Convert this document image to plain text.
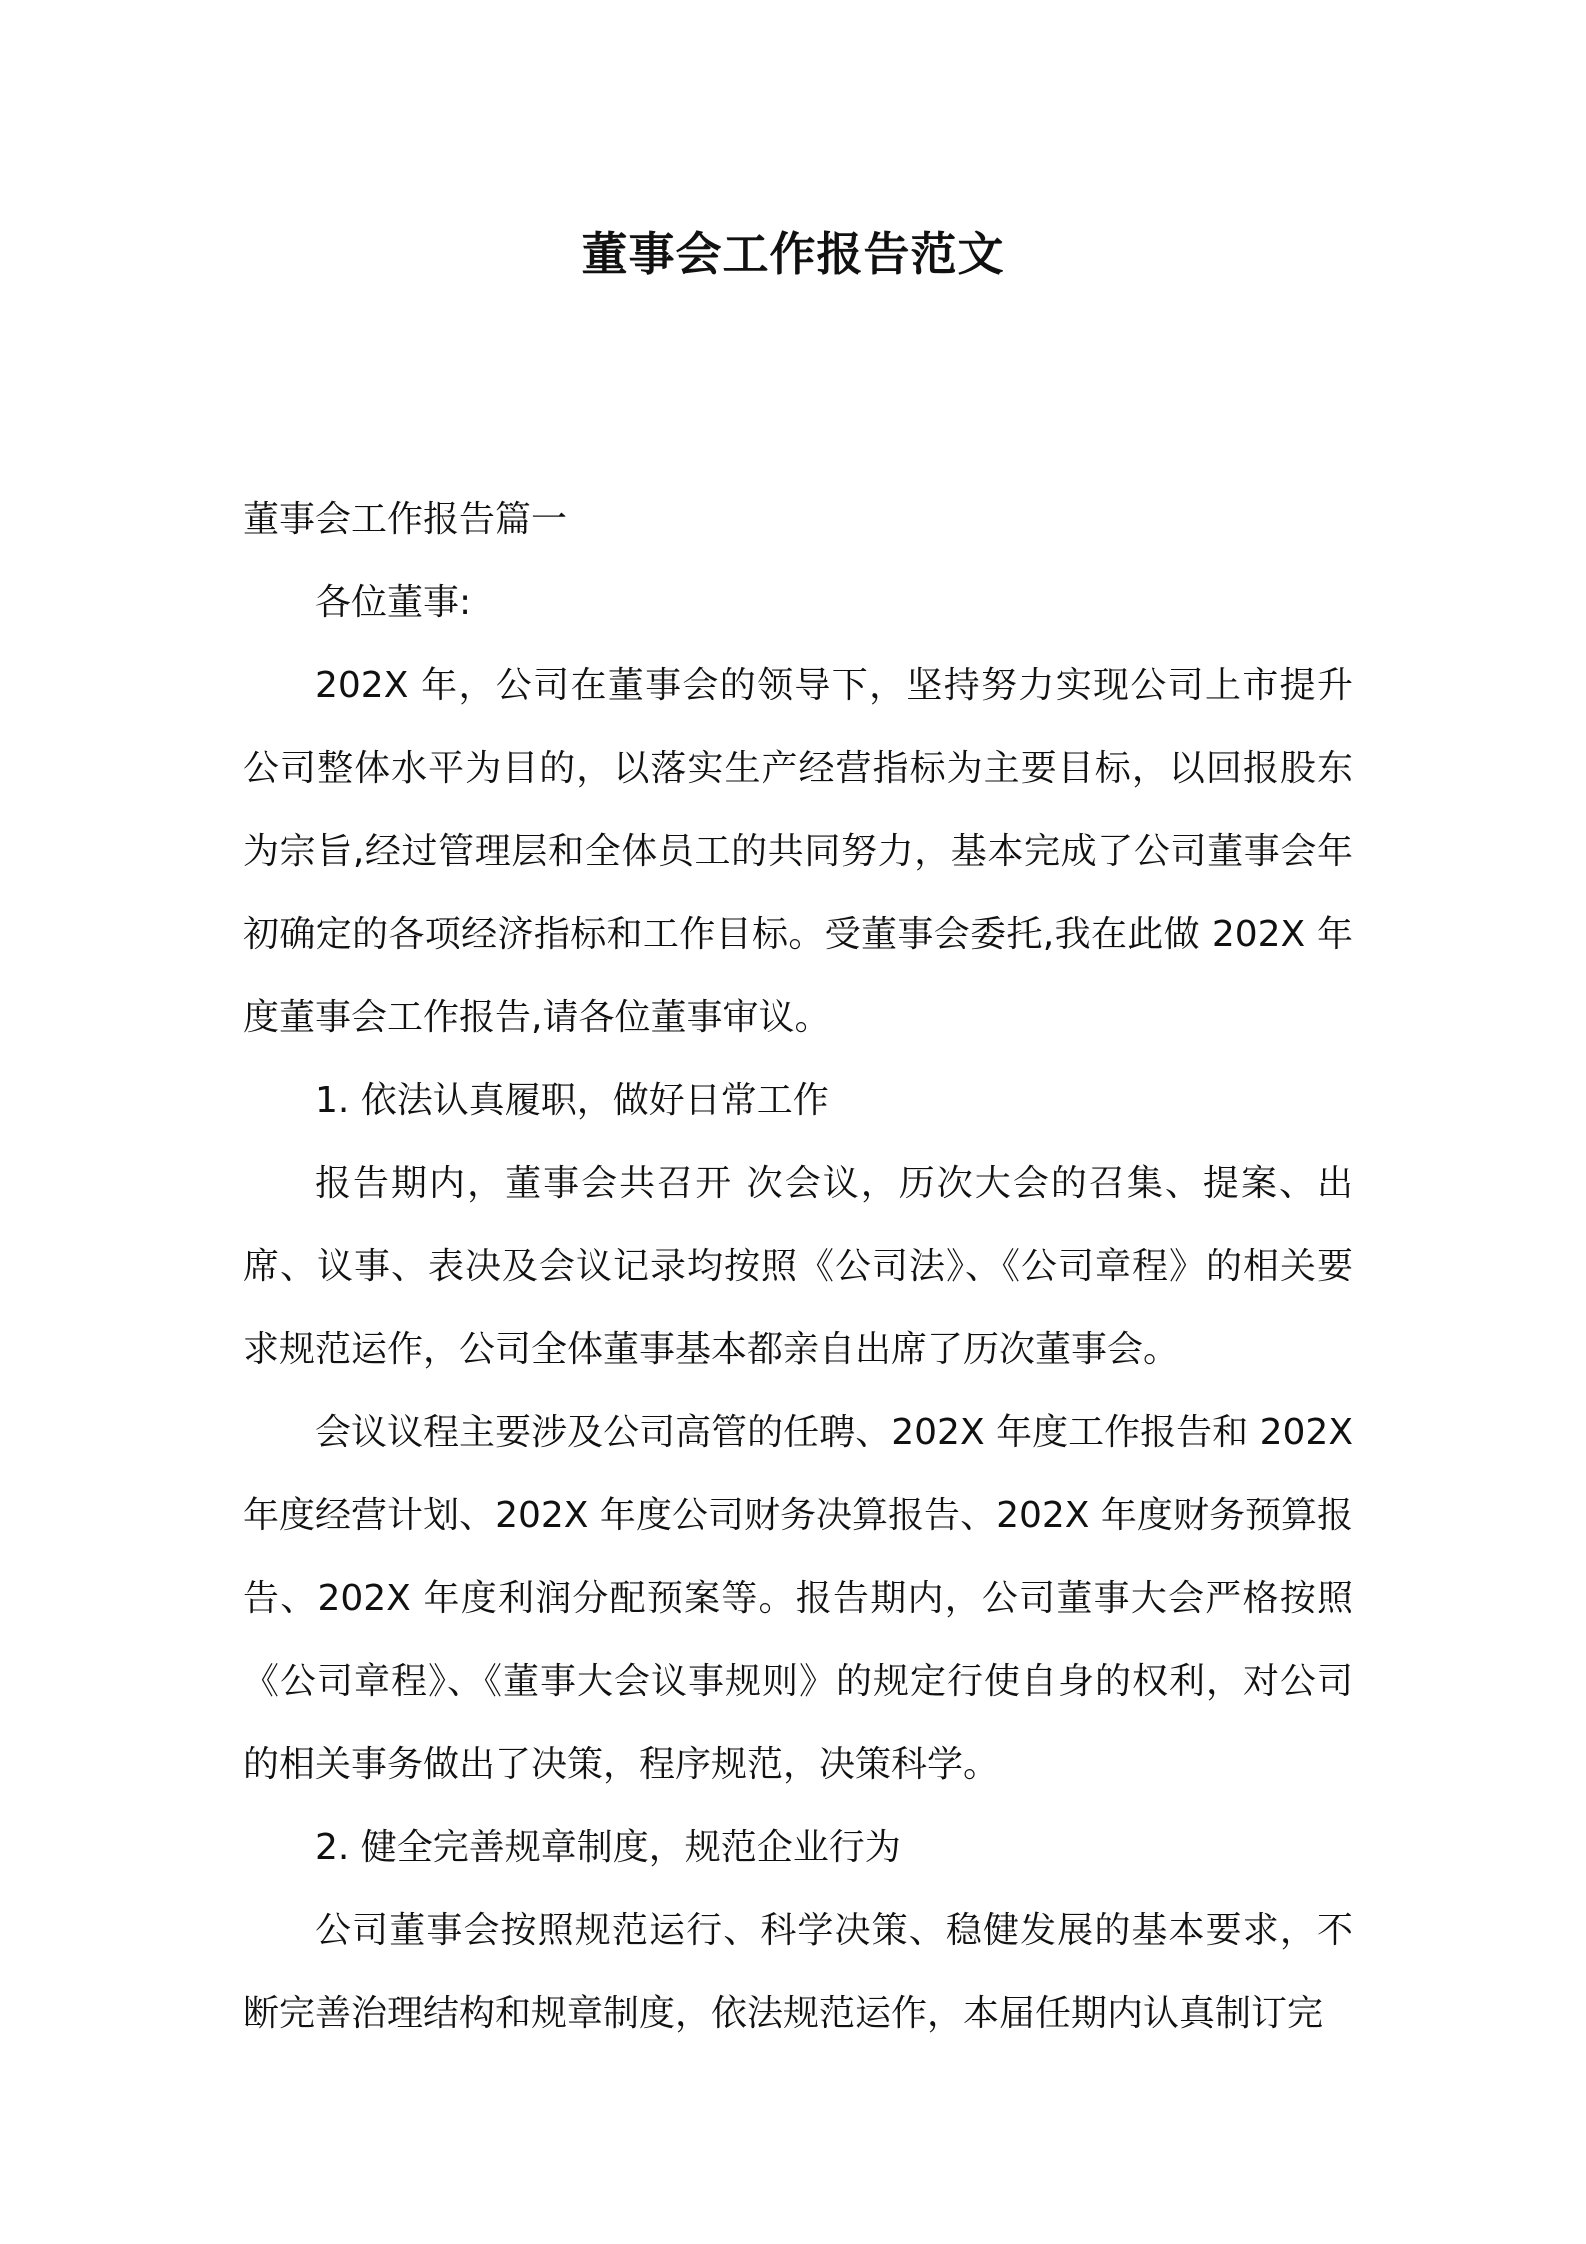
董事会工作报告范文
董事会工作报告篇一

各位董事:

202X 年，公司在董事会的领导下，坚持努力实现公司上市提升公司整体水平为目的，以落实生产经营指标为主要目标，以回报股东为宗旨,经过管理层和全体员工的共同努力，基本完成了公司董事会年初确定的各项经济指标和工作目标。受董事会委托,我在此做 202X 年度董事会工作报告,请各位董事审议。

1. 依法认真履职，做好日常工作

报告期内，董事会共召开 次会议，历次大会的召集、提案、出席、议事、表决及会议记录均按照《公司法》、《公司章程》的相关要求规范运作，公司全体董事基本都亲自出席了历次董事会。

会议议程主要涉及公司高管的任聘、202X 年度工作报告和 202X 年度经营计划、202X 年度公司财务决算报告、202X 年度财务预算报告、202X 年度利润分配预案等。报告期内，公司董事大会严格按照《公司章程》、《董事大会议事规则》的规定行使自身的权利，对公司的相关事务做出了决策，程序规范，决策科学。

2. 健全完善规章制度，规范企业行为

公司董事会按照规范运行、科学决策、稳健发展的基本要求，不断完善治理结构和规章制度，依法规范运作，本届任期内认真制订完
